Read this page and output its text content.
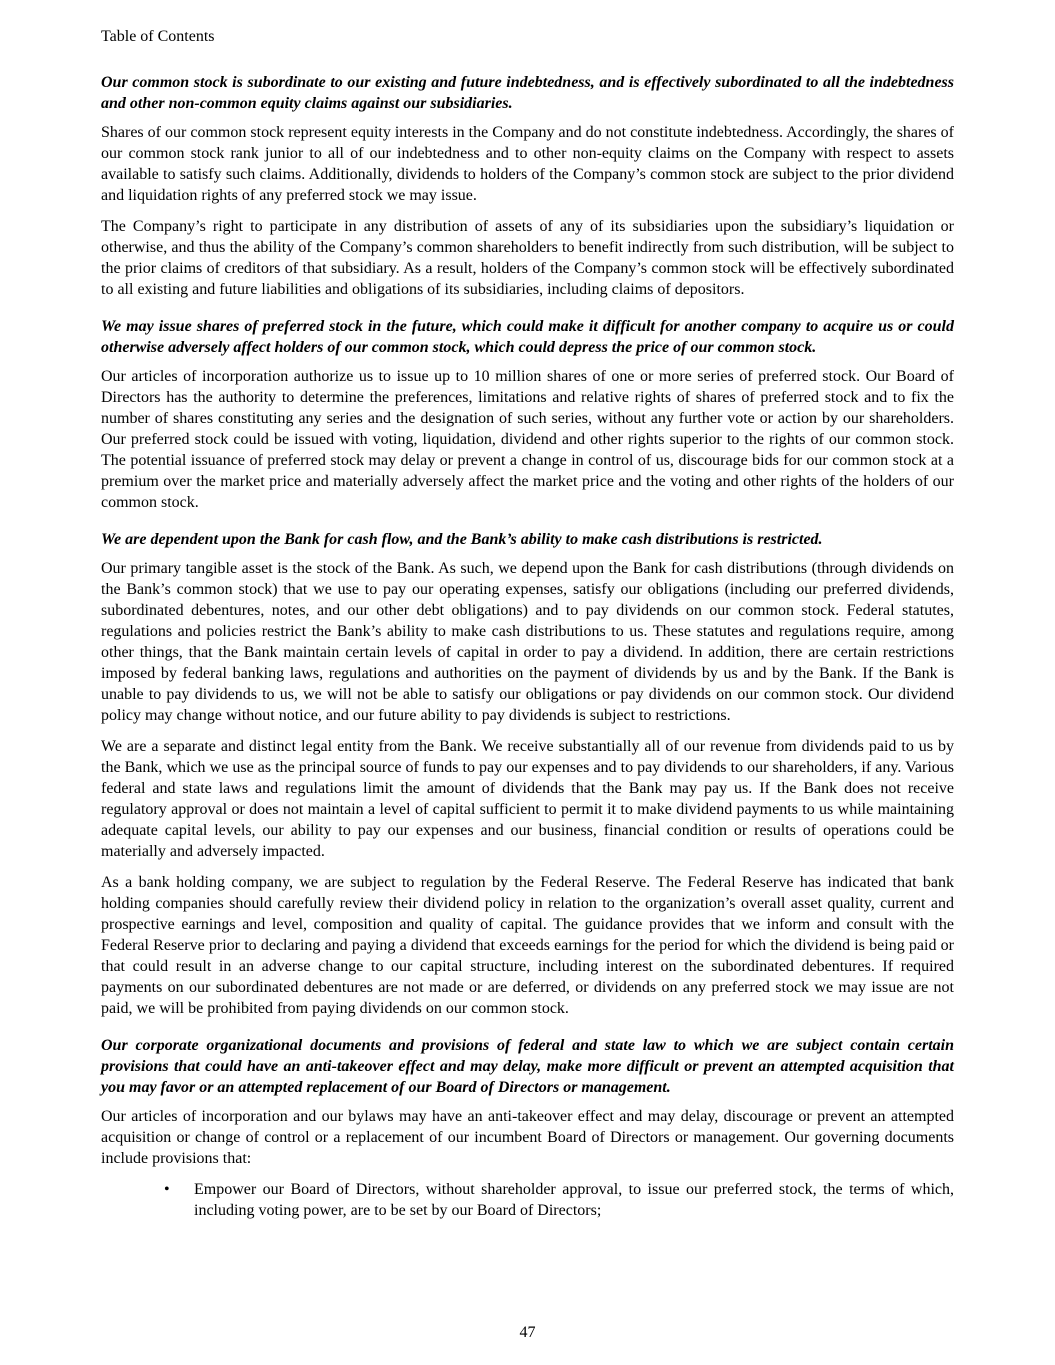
Table of Contents

Our common stock is subordinate to our existing and future indebtedness, and is effectively subordinated to all the indebtedness and other non-common equity claims against our subsidiaries.

Shares of our common stock represent equity interests in the Company and do not constitute indebtedness. Accordingly, the shares of our common stock rank junior to all of our indebtedness and to other non-equity claims on the Company with respect to assets available to satisfy such claims. Additionally, dividends to holders of the Company’s common stock are subject to the prior dividend and liquidation rights of any preferred stock we may issue.

The Company’s right to participate in any distribution of assets of any of its subsidiaries upon the subsidiary’s liquidation or otherwise, and thus the ability of the Company’s common shareholders to benefit indirectly from such distribution, will be subject to the prior claims of creditors of that subsidiary. As a result, holders of the Company’s common stock will be effectively subordinated to all existing and future liabilities and obligations of its subsidiaries, including claims of depositors.

We may issue shares of preferred stock in the future, which could make it difficult for another company to acquire us or could otherwise adversely affect holders of our common stock, which could depress the price of our common stock.

Our articles of incorporation authorize us to issue up to 10 million shares of one or more series of preferred stock. Our Board of Directors has the authority to determine the preferences, limitations and relative rights of shares of preferred stock and to fix the number of shares constituting any series and the designation of such series, without any further vote or action by our shareholders. Our preferred stock could be issued with voting, liquidation, dividend and other rights superior to the rights of our common stock. The potential issuance of preferred stock may delay or prevent a change in control of us, discourage bids for our common stock at a premium over the market price and materially adversely affect the market price and the voting and other rights of the holders of our common stock.

We are dependent upon the Bank for cash flow, and the Bank’s ability to make cash distributions is restricted.

Our primary tangible asset is the stock of the Bank. As such, we depend upon the Bank for cash distributions (through dividends on the Bank’s common stock) that we use to pay our operating expenses, satisfy our obligations (including our preferred dividends, subordinated debentures, notes, and our other debt obligations) and to pay dividends on our common stock. Federal statutes, regulations and policies restrict the Bank’s ability to make cash distributions to us. These statutes and regulations require, among other things, that the Bank maintain certain levels of capital in order to pay a dividend. In addition, there are certain restrictions imposed by federal banking laws, regulations and authorities on the payment of dividends by us and by the Bank. If the Bank is unable to pay dividends to us, we will not be able to satisfy our obligations or pay dividends on our common stock. Our dividend policy may change without notice, and our future ability to pay dividends is subject to restrictions.

We are a separate and distinct legal entity from the Bank. We receive substantially all of our revenue from dividends paid to us by the Bank, which we use as the principal source of funds to pay our expenses and to pay dividends to our shareholders, if any. Various federal and state laws and regulations limit the amount of dividends that the Bank may pay us. If the Bank does not receive regulatory approval or does not maintain a level of capital sufficient to permit it to make dividend payments to us while maintaining adequate capital levels, our ability to pay our expenses and our business, financial condition or results of operations could be materially and adversely impacted.

As a bank holding company, we are subject to regulation by the Federal Reserve. The Federal Reserve has indicated that bank holding companies should carefully review their dividend policy in relation to the organization’s overall asset quality, current and prospective earnings and level, composition and quality of capital. The guidance provides that we inform and consult with the Federal Reserve prior to declaring and paying a dividend that exceeds earnings for the period for which the dividend is being paid or that could result in an adverse change to our capital structure, including interest on the subordinated debentures. If required payments on our subordinated debentures are not made or are deferred, or dividends on any preferred stock we may issue are not paid, we will be prohibited from paying dividends on our common stock.

Our corporate organizational documents and provisions of federal and state law to which we are subject contain certain provisions that could have an anti-takeover effect and may delay, make more difficult or prevent an attempted acquisition that you may favor or an attempted replacement of our Board of Directors or management.

Our articles of incorporation and our bylaws may have an anti-takeover effect and may delay, discourage or prevent an attempted acquisition or change of control or a replacement of our incumbent Board of Directors or management. Our governing documents include provisions that:

• Empower our Board of Directors, without shareholder approval, to issue our preferred stock, the terms of which, including voting power, are to be set by our Board of Directors;
47
